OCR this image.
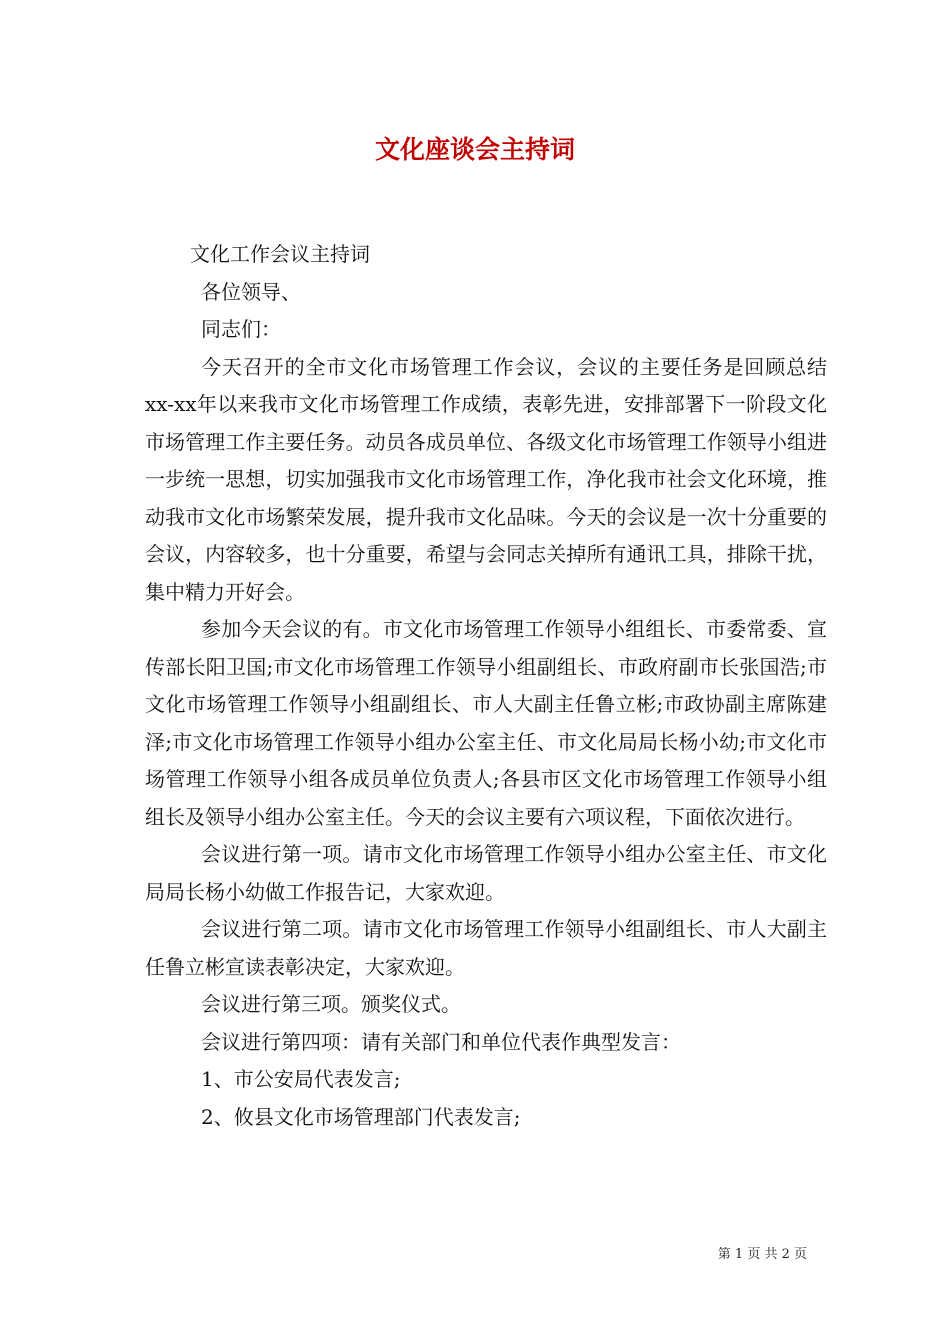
文化座谈会主持词

文化工作会议主持词

各位领导、

同志们：

今天召开的全市文化市场管理工作会议，会议的主要任务是回顾总结xx-xx年以来我市文化市场管理工作成绩，表彰先进，安排部署下一阶段文化市场管理工作主要任务。动员各成员单位、各级文化市场管理工作领导小组进一步统一思想，切实加强我市文化市场管理工作，净化我市社会文化环境，推动我市文化市场繁荣发展，提升我市文化品味。今天的会议是一次十分重要的会议，内容较多，也十分重要，希望与会同志关掉所有通讯工具，排除干扰，集中精力开好会。

参加今天会议的有。市文化市场管理工作领导小组组长、市委常委、宣传部长阳卫国;市文化市场管理工作领导小组副组长、市政府副市长张国浩;市文化市场管理工作领导小组副组长、市人大副主任鲁立彬;市政协副主席陈建泽;市文化市场管理工作领导小组办公室主任、市文化局局长杨小幼;市文化市场管理工作领导小组各成员单位负责人;各县市区文化市场管理工作领导小组组长及领导小组办公室主任。今天的会议主要有六项议程，下面依次进行。

会议进行第一项。请市文化市场管理工作领导小组办公室主任、市文化局局长杨小幼做工作报告记，大家欢迎。

会议进行第二项。请市文化市场管理工作领导小组副组长、市人大副主任鲁立彬宣读表彰决定，大家欢迎。

会议进行第三项。颁奖仪式。

会议进行第四项：请有关部门和单位代表作典型发言：

1、市公安局代表发言;

2、攸县文化市场管理部门代表发言;

第 1 页 共 2 页
